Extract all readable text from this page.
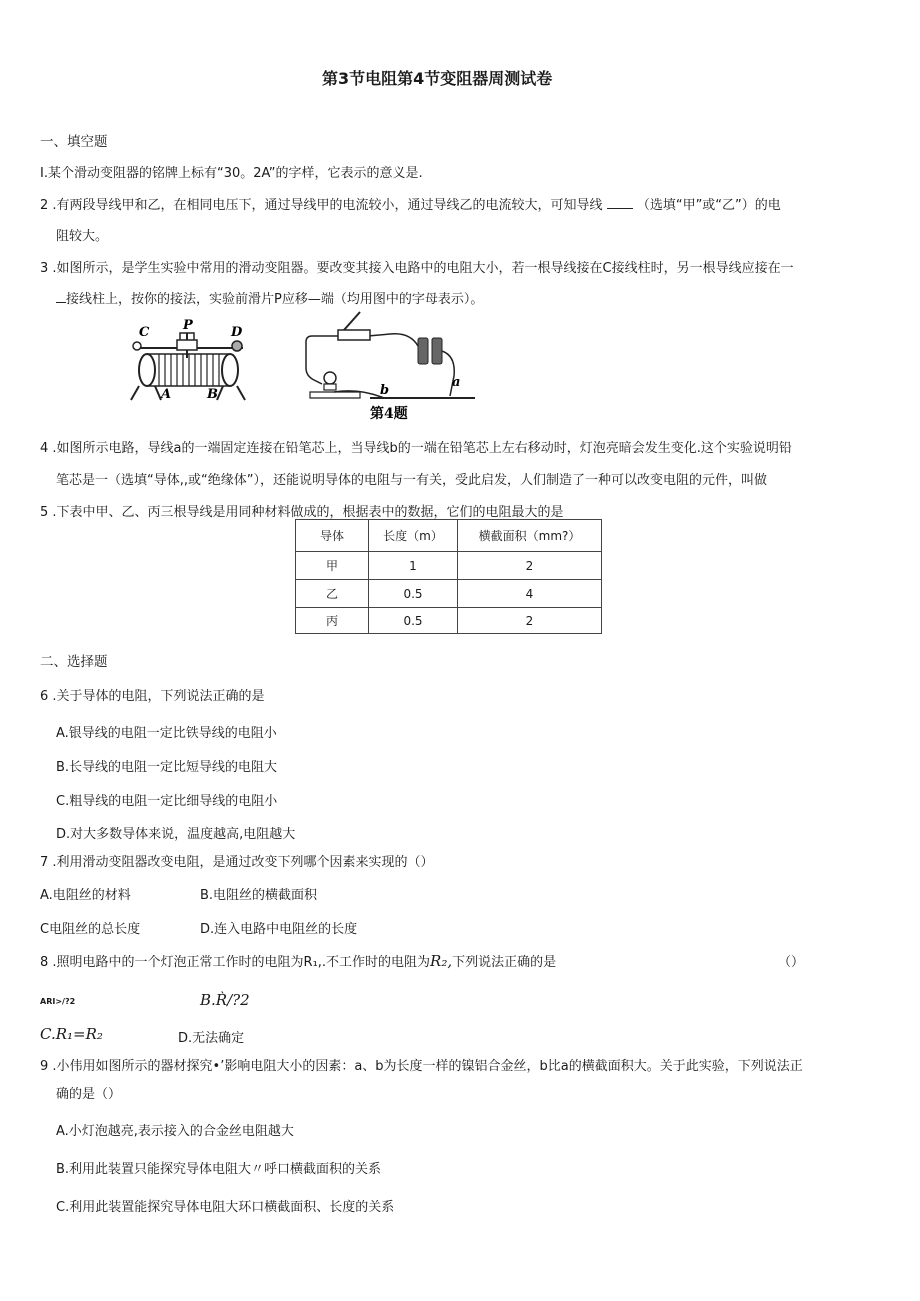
第3节电阻第4节变阻器周测试卷
一、填空题
I.某个滑动变阻器的铭牌上标有“30。2A”的字样，它表示的意义是.
2 .有两段导线甲和乙，在相同电压下，通过导线甲的电流较小，通过导线乙的电流较大，可知导线	（选填“甲”或“乙”）的电
阻较大。
3 .如图所示，是学生实验中常用的滑动变阻器。要改变其接入电路中的电阻大小，若一根导线接在C接线柱时，另一根导线应接在一
接线柱上，按你的接法，实验前滑片P应移—端（均用图中的字母表示）。
C	P	D
A	B	b
a
第4题
4 .如图所示电路，导线a的一端固定连接在铅笔芯上，当导线b的一端在铅笔芯上左右移动时，灯泡亮暗会发生变化.这个实验说明铅
笔芯是一（选填“导体,,或“绝缘体”），还能说明导体的电阻与一有关，受此启发，人们制造了一种可以改变电阻的元件，叫做
5 .下表中甲、乙、丙三根导线是用同种材料做成的，根据表中的数据，它们的电阻最大的是
导体	长度（m）	横截面积（mm?）
甲	1	2
乙	0.5	4
丙	0.5	2
二、选择题
6 .关于导体的电阻，下列说法正确的是
A.银导线的电阻一定比铁导线的电阻小
B.长导线的电阻一定比短导线的电阻大
C.粗导线的电阻一定比细导线的电阻小
D.对大多数导体来说，温度越高,电阻越大
7 .利用滑动变阻器改变电阻，是通过改变下列哪个因素来实现的（）
A.电阻丝的材料	B.电阻丝的横截面积
C电阻丝的总长度	D.连入电路中电阻丝的长度
8 .照明电路中的一个灯泡正常工作时的电阻为R₁,.不工作时的电阻为R₂,下列说法正确的是	（）
ARI>/?2	B.R̀/?2
C.R₁=R₂	D.无法确定
9 .小伟用如图所示的器材探究•’影响电阻大小的因素：a、b为长度一样的镍铝合金丝，b比a的横截面积大。关于此实验，下列说法正
确的是（）
A.小灯泡越亮,表示接入的合金丝电阻越大
B.利用此装置只能探究导体电阻大〃呼口横截面积的关系
C.利用此装置能探究导体电阻大环口横截面积、长度的关系
